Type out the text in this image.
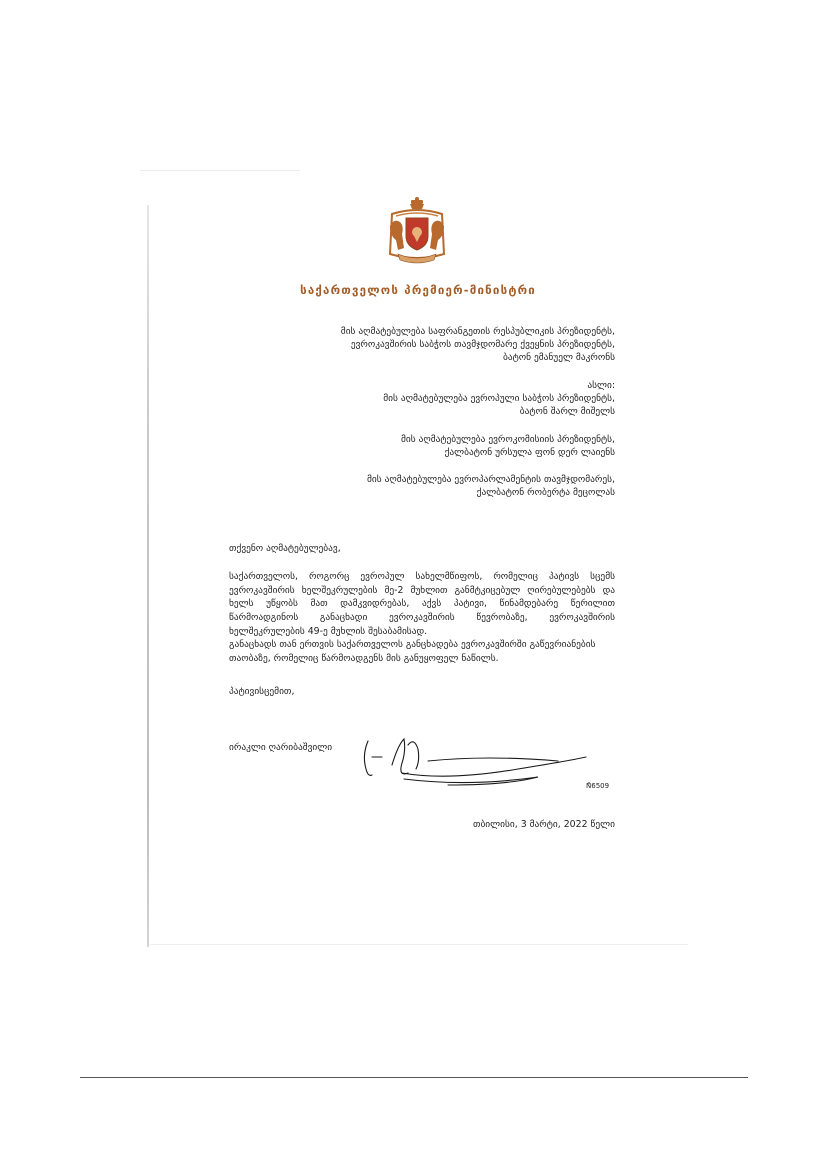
საქართველოს პრემიერ-მინისტრი
მის აღმატებულება საფრანგეთის რესპუბლიკის პრეზიდენტს,
ევროკავშირის საბჭოს თავმჯდომარე ქვეყნის პრეზიდენტს,
ბატონ ემანუელ მაკრონს
ასლი:
მის აღმატებულება ევროპული საბჭოს პრეზიდენტს,
ბატონ შარლ მიშელს
მის აღმატებულება ევროკომისიის პრეზიდენტს,
ქალბატონ ურსულა ფონ დერ ლაიენს
მის აღმატებულება ევროპარლამენტის თავმჯდომარეს,
ქალბატონ რობერტა მეცოლას
თქვენო აღმატებულებავ,
საქართველოს, როგორც ევროპულ სახელმწიფოს, რომელიც პატივს სცემს ევროკავშირის ხელშეკრულების მე-2 მუხლით განმტკიცებულ ღირებულებებს და ხელს უწყობს მათ დამკვიდრებას, აქვს პატივი, წინამდებარე წერილით წარმოადგინოს განაცხადი ევროკავშირის წევრობაზე, ევროკავშირის ხელშეკრულების 49-ე მუხლის შესაბამისად.
განაცხადს თან ერთვის საქართველოს განცხადება ევროკავშირში გაწევრიანების თაობაზე, რომელიც წარმოადგენს მის განუყოფელ ნაწილს.
პატივისცემით,
ირაკლი ღარიბაშვილი
N6509
თბილისი, 3 მარტი, 2022 წელი
